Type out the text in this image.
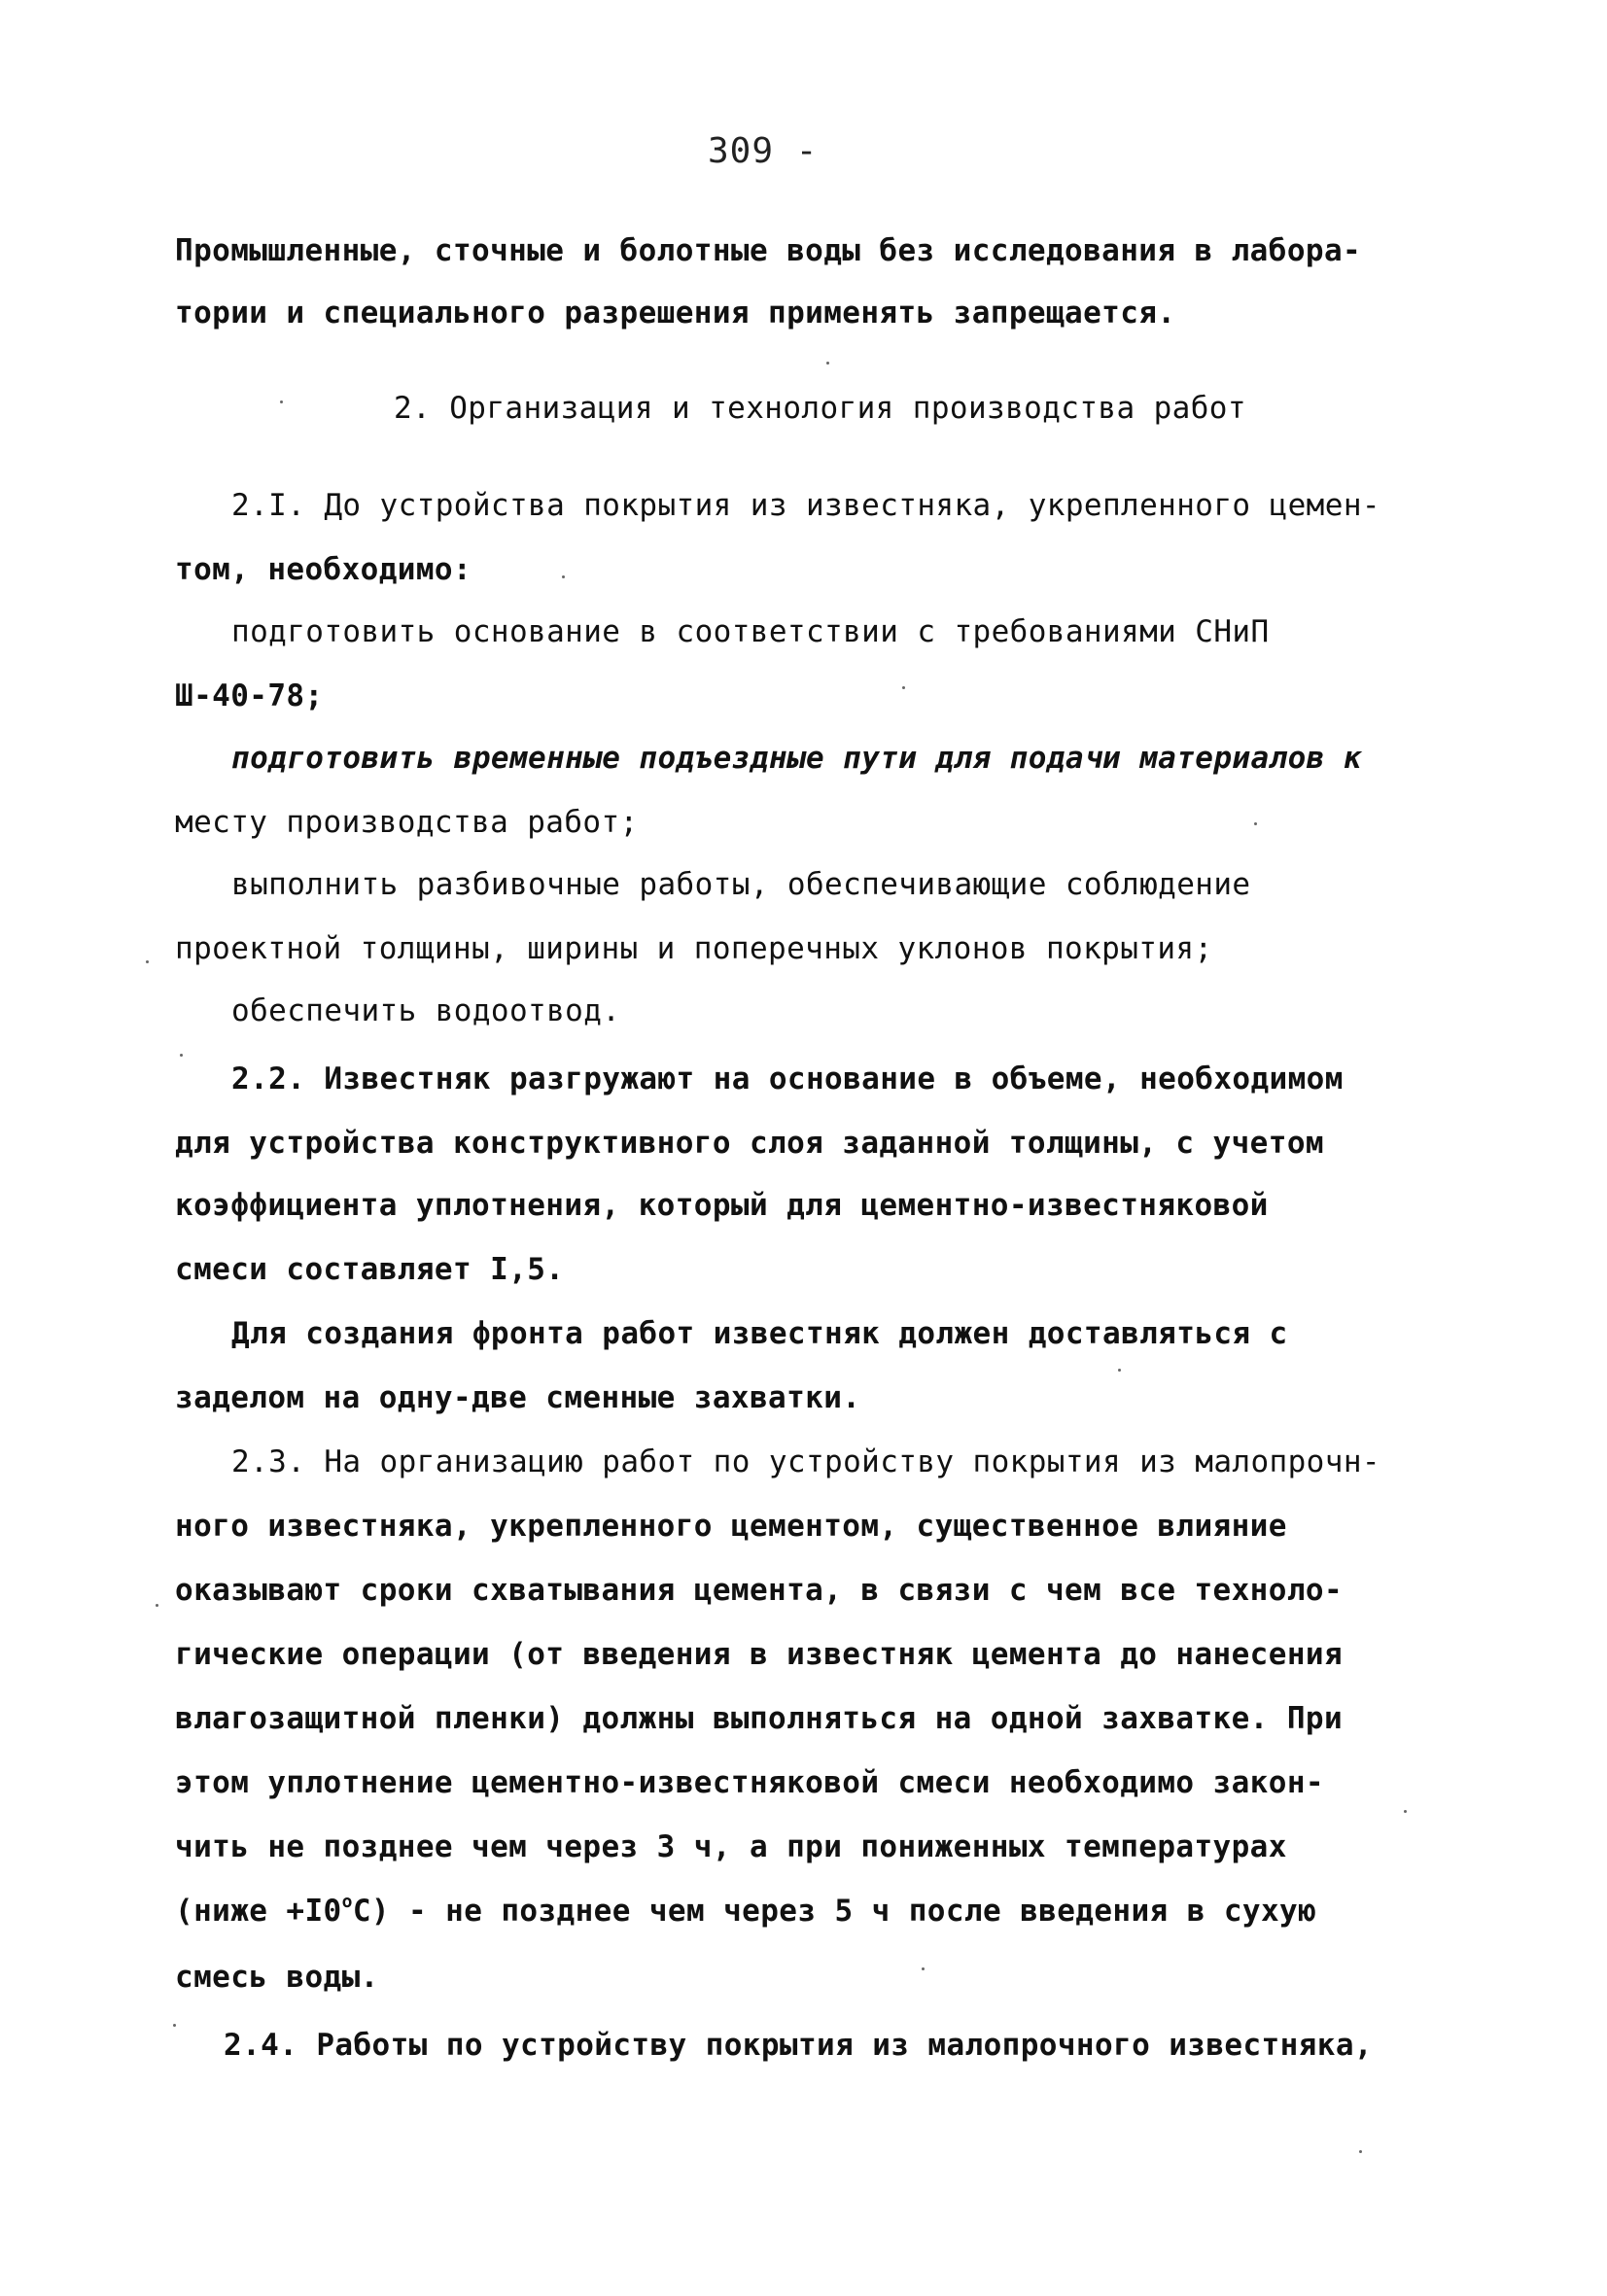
309 -
Промышленные, сточные и болотные воды без исследования в лабора-
тории и специального разрешения применять запрещается.
2. Организация и технология производства работ
2.I. До устройства покрытия из известняка, укрепленного цемен-
том, необходимо:
подготовить основание в соответствии с требованиями СНиП
Ш-40-78;
подготовить временные подъездные пути для подачи материалов к
месту производства работ;
выполнить разбивочные работы, обеспечивающие соблюдение
проектной толщины, ширины и поперечных уклонов покрытия;
обеспечить водоотвод.
2.2. Известняк разгружают на основание в объеме, необходимом
для устройства конструктивного слоя заданной толщины, с учетом
коэффициента уплотнения, который для цементно-известняковой
смеси составляет I,5.
Для создания фронта работ известняк должен доставляться с
заделом на одну-две сменные захватки.
2.3. На организацию работ по устройству покрытия из малопрочн-
ного известняка, укрепленного цементом, существенное влияние
оказывают сроки схватывания цемента, в связи с чем все техноло-
гические операции (от введения в известняк цемента до нанесения
влагозащитной пленки) должны выполняться на одной захватке. При
этом уплотнение цементно-известняковой смеси необходимо закон-
чить не позднее чем через 3 ч, а при пониженных температурах
(ниже $+I0^oC$) - не позднее чем через 5 ч после введения в сухую
смесь воды.
2.4. Работы по устройству покрытия из малопрочного известняка,
